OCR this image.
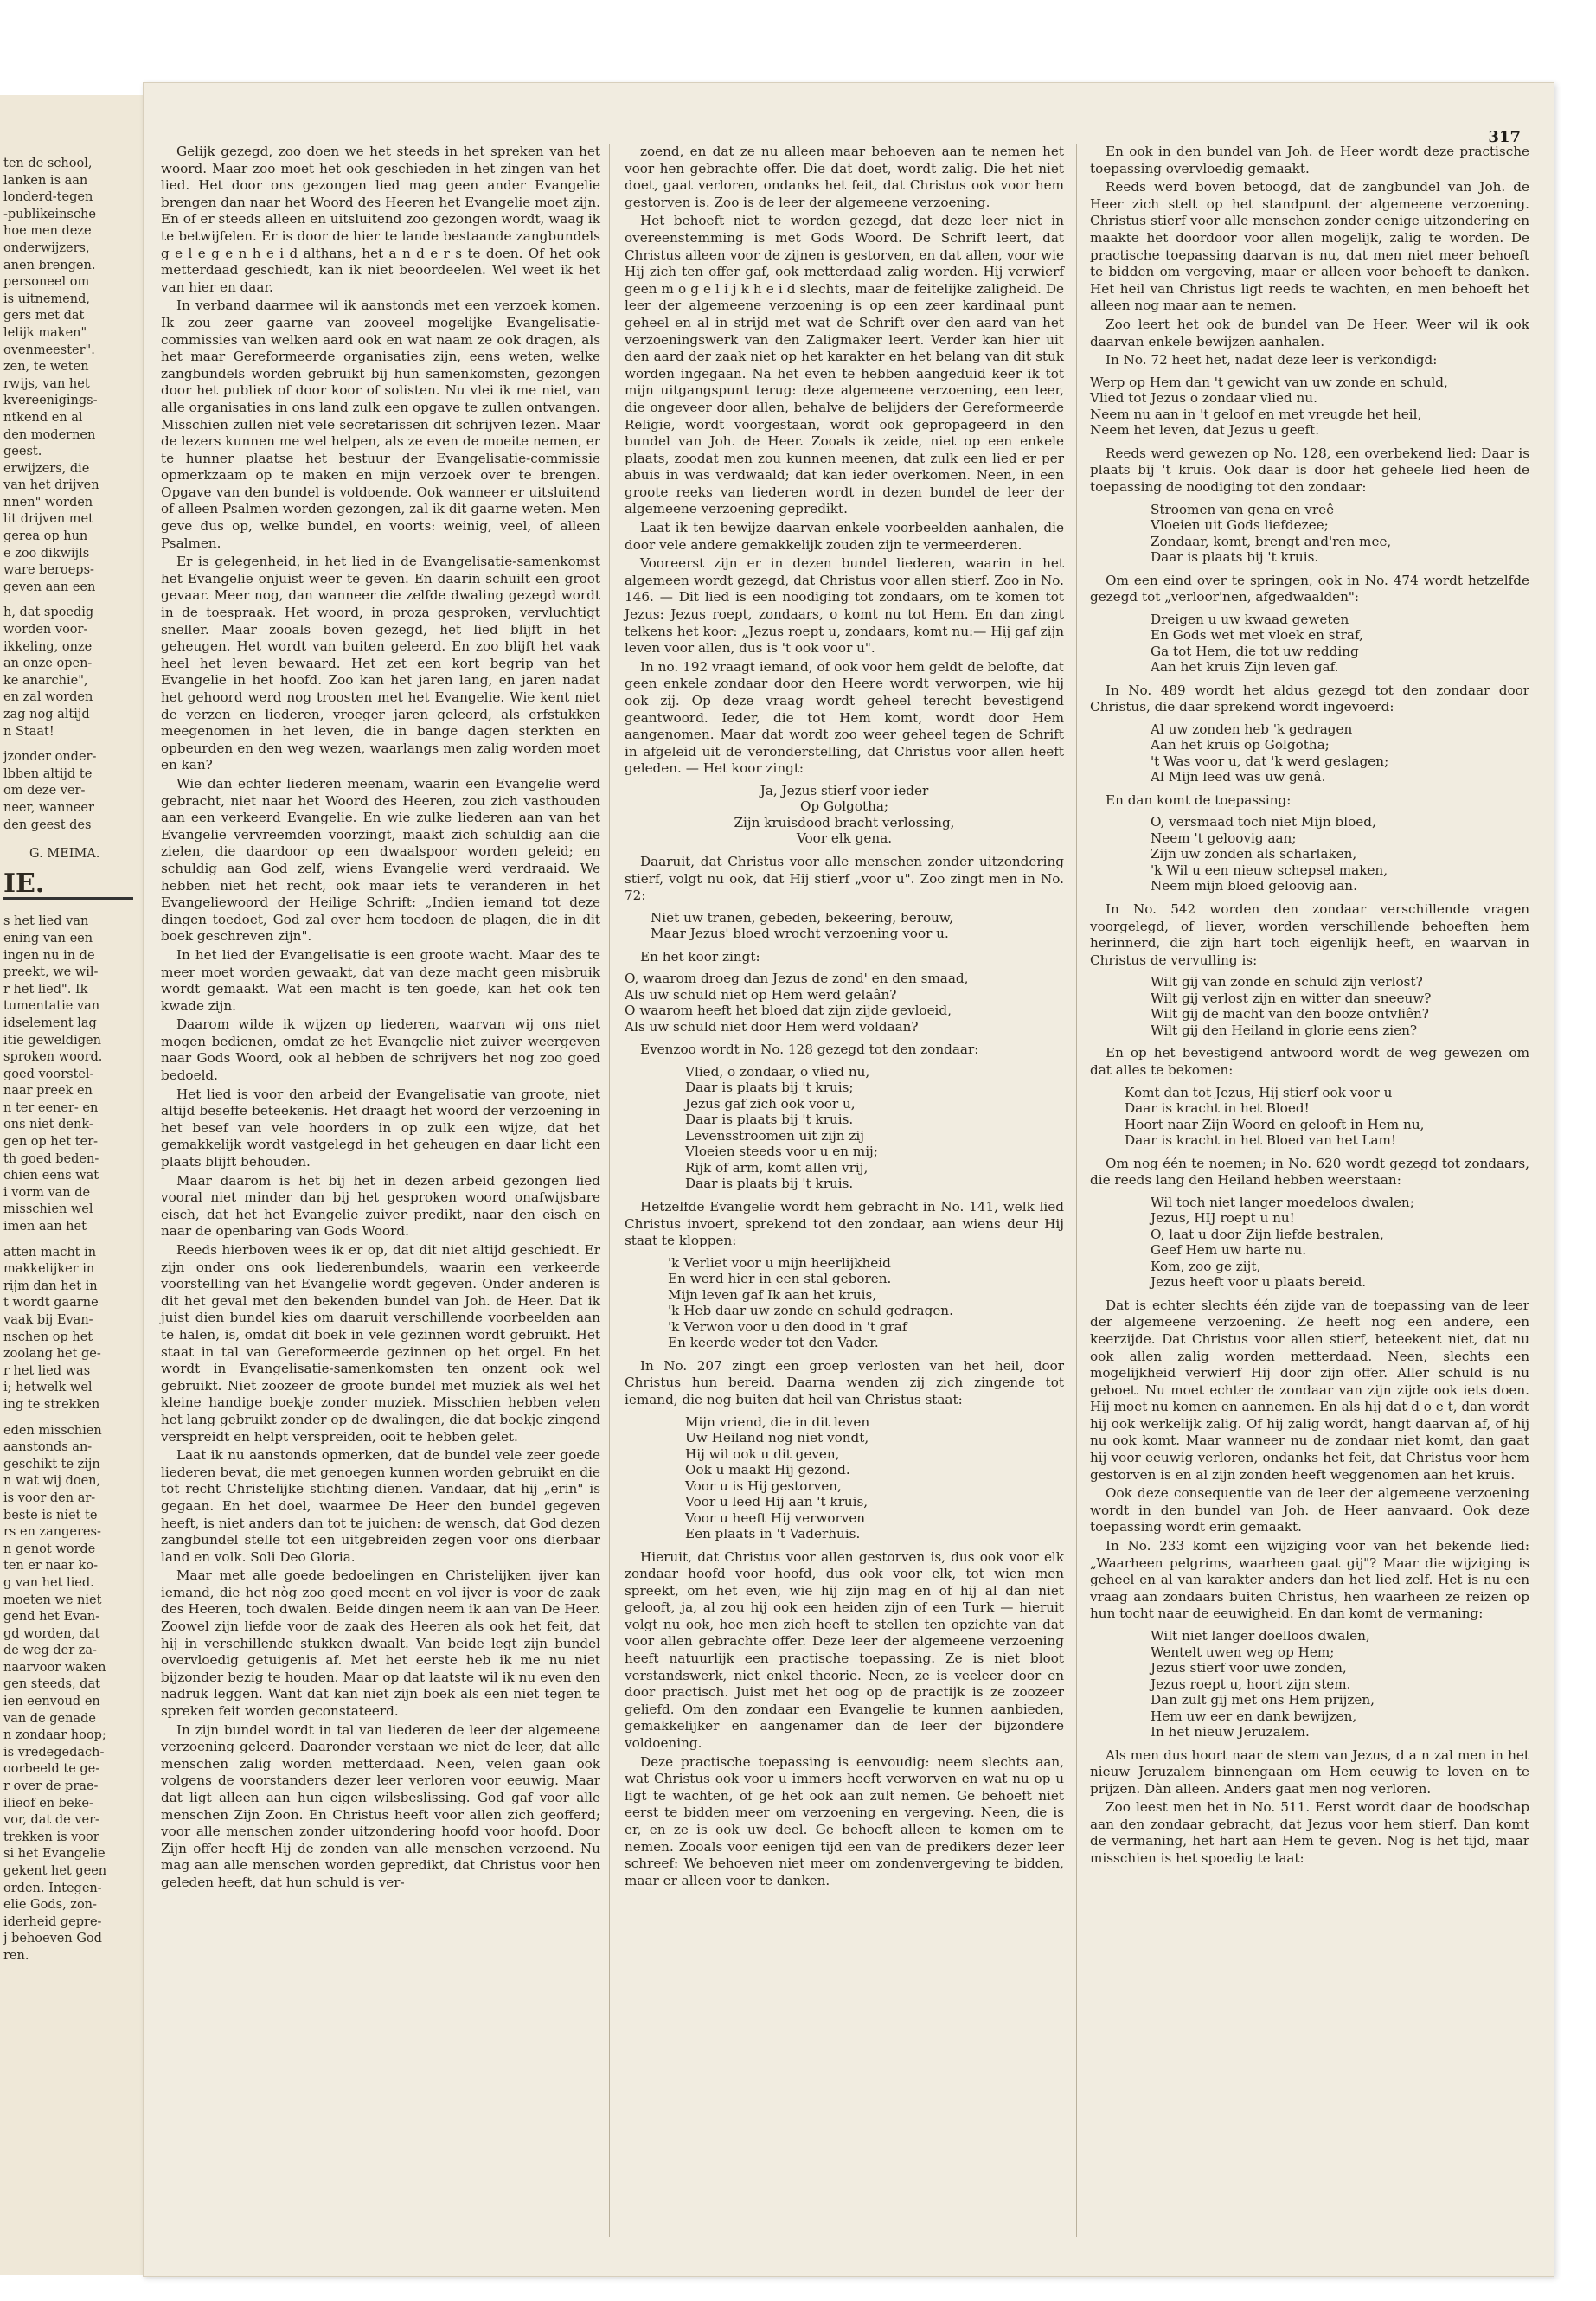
ten de school,
lanken is aan
londerd-tegen
-publikeinsche
hoe men deze
onderwijzers,
anen brengen.
personeel om
is uitnemend,
gers met dat
lelijk maken"
ovenmeester".
zen, te weten
rwijs, van het
kvereenigings-
ntkend en al
den modernen
geest.
erwijzers, die
van het drijven
nnen" worden
lit drijven met
gerea op hun
e zoo dikwijls
ware beroeps-
geven aan een
h, dat spoedig
worden voor-
ikkeling, onze
an onze open-
ke anarchie",
en zal worden
zag nog altijd
n Staat!
jzonder onder-
lbben altijd te
om deze ver-
neer, wanneer
den geest des
G. MEIMA.
IE.
s het lied van
ening van een
ingen nu in de
preekt, we wil-
r het lied". Ik
tumentatie van
idselement lag
itie geweldigen
sproken woord.
goed voorstel-
naar preek en
n ter eener- en
ons niet denk-
gen op het ter-
th goed beden-
chien eens wat
i vorm van de
misschien wel
imen aan het
atten macht in
makkelijker in
rijm dan het in
t wordt gaarne
vaak bij Evan-
nschen op het
zoolang het ge-
r het lied was
i; hetwelk wel
ing te strekken
eden misschien
aanstonds an-
geschikt te zijn
n wat wij doen,
is voor den ar-
beste is niet te
rs en zangeres-
n genot worde
ten er naar ko-
g van het lied.
moeten we niet
gend het Evan-
gd worden, dat
de weg der za-
naarvoor waken
gen steeds, dat
ien eenvoud en
van de genade
n zondaar hoop;
is vredegedach-
oorbeeld te ge-
r over de prae-
ilieof en beke-
vor, dat de ver-
trekken is voor
si het Evangelie
gekent het geen
orden. Integen-
elie Gods, zon-
iderheid gepre-
j behoeven God
ren.
317

Gelijk gezegd, zoo doen we het steeds in het spreken van het woord. Maar zoo moet het ook geschieden in het zingen van het lied. Het door ons gezongen lied mag geen ander Evangelie brengen dan naar het Woord des Heeren het Evangelie moet zijn. En of er steeds alleen en uitsluitend zoo gezongen wordt, waag ik te betwijfelen. Er is door de hier te lande bestaande zangbundels g e l e g e n h e i d althans, het a n d e r s te doen. Of het ook metterdaad geschiedt, kan ik niet beoordeelen. Wel weet ik het van hier en daar.

In verband daarmee wil ik aanstonds met een verzoek komen. Ik zou zeer gaarne van zooveel mogelijke Evangelisatie-commissies van welken aard ook en wat naam ze ook dragen, als het maar Gereformeerde organisaties zijn, eens weten, welke zangbundels worden gebruikt bij hun samenkomsten, gezongen door het publiek of door koor of solisten. Nu vlei ik me niet, van alle organisaties in ons land zulk een opgave te zullen ontvangen. Misschien zullen niet vele secretarissen dit schrijven lezen. Maar de lezers kunnen me wel helpen, als ze even de moeite nemen, er te hunner plaatse het bestuur der Evangelisatie-commissie opmerkzaam op te maken en mijn verzoek over te brengen. Opgave van den bundel is voldoende. Ook wanneer er uitsluitend of alleen Psalmen worden gezongen, zal ik dit gaarne weten. Men geve dus op, welke bundel, en voorts: weinig, veel, of alleen Psalmen.

Er is gelegenheid, in het lied in de Evangelisatie-samenkomst het Evangelie onjuist weer te geven. En daarin schuilt een groot gevaar. Meer nog, dan wanneer die zelfde dwaling gezegd wordt in de toespraak. Het woord, in proza gesproken, vervluchtigt sneller. Maar zooals boven gezegd, het lied blijft in het geheugen. Het wordt van buiten geleerd. En zoo blijft het vaak heel het leven bewaard. Het zet een kort begrip van het Evangelie in het hoofd. Zoo kan het jaren lang, en jaren nadat het gehoord werd nog troosten met het Evangelie. Wie kent niet de verzen en liederen, vroeger jaren geleerd, als erfstukken meegenomen in het leven, die in bange dagen sterkten en opbeurden en den weg wezen, waarlangs men zalig worden moet en kan?

Wie dan echter liederen meenam, waarin een Evangelie werd gebracht, niet naar het Woord des Heeren, zou zich vasthouden aan een verkeerd Evangelie. En wie zulke liederen aan van het Evangelie vervreemden voorzingt, maakt zich schuldig aan die zielen, die daardoor op een dwaalspoor worden geleid; en schuldig aan God zelf, wiens Evangelie werd verdraaid. We hebben niet het recht, ook maar iets te veranderen in het Evangeliewoord der Heilige Schrift: „Indien iemand tot deze dingen toedoet, God zal over hem toedoen de plagen, die in dit boek geschreven zijn".

In het lied der Evangelisatie is een groote wacht. Maar des te meer moet worden gewaakt, dat van deze macht geen misbruik wordt gemaakt. Wat een macht is ten goede, kan het ook ten kwade zijn.

Daarom wilde ik wijzen op liederen, waarvan wij ons niet mogen bedienen, omdat ze het Evangelie niet zuiver weergeven naar Gods Woord, ook al hebben de schrijvers het nog zoo goed bedoeld.

Het lied is voor den arbeid der Evangelisatie van groote, niet altijd beseffe beteekenis. Het draagt het woord der verzoening in het besef van vele hoorders in op zulk een wijze, dat het gemakkelijk wordt vastgelegd in het geheugen en daar licht een plaats blijft behouden.

Maar daarom is het bij het in dezen arbeid gezongen lied vooral niet minder dan bij het gesproken woord onafwijsbare eisch, dat het het Evangelie zuiver predikt, naar den eisch en naar de openbaring van Gods Woord.

Reeds hierboven wees ik er op, dat dit niet altijd geschiedt. Er zijn onder ons ook liederenbundels, waarin een verkeerde voorstelling van het Evangelie wordt gegeven. Onder anderen is dit het geval met den bekenden bundel van Joh. de Heer. Dat ik juist dien bundel kies om daaruit verschillende voorbeelden aan te halen, is, omdat dit boek in vele gezinnen wordt gebruikt. Het staat in tal van Gereformeerde gezinnen op het orgel. En het wordt in Evangelisatie-samenkomsten ten onzent ook wel gebruikt. Niet zoozeer de groote bundel met muziek als wel het kleine handige boekje zonder muziek. Misschien hebben velen het lang gebruikt zonder op de dwalingen, die dat boekje zingend verspreidt en helpt verspreiden, ooit te hebben gelet.

Laat ik nu aanstonds opmerken, dat de bundel vele zeer goede liederen bevat, die met genoegen kunnen worden gebruikt en die tot recht Christelijke stichting dienen. Vandaar, dat hij „erin" is gegaan. En het doel, waarmee De Heer den bundel gegeven heeft, is niet anders dan tot te juichen: de wensch, dat God dezen zangbundel stelle tot een uitgebreiden zegen voor ons dierbaar land en volk. Soli Deo Gloria.

Maar met alle goede bedoelingen en Christelijken ijver kan iemand, die het nòg zoo goed meent en vol ijver is voor de zaak des Heeren, toch dwalen. Beide dingen neem ik aan van De Heer. Zoowel zijn liefde voor de zaak des Heeren als ook het feit, dat hij in verschillende stukken dwaalt. Van beide legt zijn bundel overvloedig getuigenis af. Met het eerste heb ik me nu niet bijzonder bezig te houden. Maar op dat laatste wil ik nu even den nadruk leggen. Want dat kan niet zijn boek als een niet tegen te spreken feit worden geconstateerd.

In zijn bundel wordt in tal van liederen de leer der algemeene verzoening geleerd. Daaronder verstaan we niet de leer, dat alle menschen zalig worden metterdaad. Neen, velen gaan ook volgens de voorstanders dezer leer verloren voor eeuwig. Maar dat ligt alleen aan hun eigen wilsbeslissing. God gaf voor alle menschen Zijn Zoon. En Christus heeft voor allen zich geofferd; voor alle menschen zonder uitzondering hoofd voor hoofd. Door Zijn offer heeft Hij de zonden van alle menschen verzoend. Nu mag aan alle menschen worden gepredikt, dat Christus voor hen geleden heeft, dat hun schuld is ver-

zoend, en dat ze nu alleen maar behoeven aan te nemen het voor hen gebrachte offer. Die dat doet, wordt zalig. Die het niet doet, gaat verloren, ondanks het feit, dat Christus ook voor hem gestorven is. Zoo is de leer der algemeene verzoening.

Het behoeft niet te worden gezegd, dat deze leer niet in overeenstemming is met Gods Woord. De Schrift leert, dat Christus alleen voor de zijnen is gestorven, en dat allen, voor wie Hij zich ten offer gaf, ook metterdaad zalig worden. Hij verwierf geen m o g e l i j k h e i d slechts, maar de feitelijke zaligheid. De leer der algemeene verzoening is op een zeer kardinaal punt geheel en al in strijd met wat de Schrift over den aard van het verzoeningswerk van den Zaligmaker leert. Verder kan hier uit den aard der zaak niet op het karakter en het belang van dit stuk worden ingegaan. Na het even te hebben aangeduid keer ik tot mijn uitgangspunt terug: deze algemeene verzoening, een leer, die ongeveer door allen, behalve de belijders der Gereformeerde Religie, wordt voorgestaan, wordt ook gepropageerd in den bundel van Joh. de Heer. Zooals ik zeide, niet op een enkele plaats, zoodat men zou kunnen meenen, dat zulk een lied er per abuis in was verdwaald; dat kan ieder overkomen. Neen, in een groote reeks van liederen wordt in dezen bundel de leer der algemeene verzoening gepredikt.

Laat ik ten bewijze daarvan enkele voorbeelden aanhalen, die door vele andere gemakkelijk zouden zijn te vermeerderen.

Vooreerst zijn er in dezen bundel liederen, waarin in het algemeen wordt gezegd, dat Christus voor allen stierf. Zoo in No. 146. — Dit lied is een noodiging tot zondaars, om te komen tot Jezus: Jezus roept, zondaars, o komt nu tot Hem. En dan zingt telkens het koor: „Jezus roept u, zondaars, komt nu:— Hij gaf zijn leven voor allen, dus is 't ook voor u".

In no. 192 vraagt iemand, of ook voor hem geldt de belofte, dat geen enkele zondaar door den Heere wordt verworpen, wie hij ook zij. Op deze vraag wordt geheel terecht bevestigend geantwoord. Ieder, die tot Hem komt, wordt door Hem aangenomen. Maar dat wordt zoo weer geheel tegen de Schrift in afgeleid uit de veronderstelling, dat Christus voor allen heeft geleden. — Het koor zingt:

Ja, Jezus stierf voor ieder
Op Golgotha;
Zijn kruisdood bracht verlossing,
Voor elk gena.

Daaruit, dat Christus voor alle menschen zonder uitzondering stierf, volgt nu ook, dat Hij stierf „voor u". Zoo zingt men in No. 72:

Niet uw tranen, gebeden, bekeering, berouw,
Maar Jezus' bloed wrocht verzoening voor u.

En het koor zingt:

O, waarom droeg dan Jezus de zond' en den smaad,
Als uw schuld niet op Hem werd gelaân?
O waarom heeft het bloed dat zijn zijde gevloeid,
Als uw schuld niet door Hem werd voldaan?

Evenzoo wordt in No. 128 gezegd tot den zondaar:

Vlied, o zondaar, o vlied nu,
Daar is plaats bij 't kruis;
Jezus gaf zich ook voor u,
Daar is plaats bij 't kruis.
Levensstroomen uit zijn zij
Vloeien steeds voor u en mij;
Rijk of arm, komt allen vrij,
Daar is plaats bij 't kruis.

Hetzelfde Evangelie wordt hem gebracht in No. 141, welk lied Christus invoert, sprekend tot den zondaar, aan wiens deur Hij staat te kloppen:

'k Verliet voor u mijn heerlijkheid
En werd hier in een stal geboren.
Mijn leven gaf Ik aan het kruis,
'k Heb daar uw zonde en schuld gedragen.
'k Verwon voor u den dood in 't graf
En keerde weder tot den Vader.

In No. 207 zingt een groep verlosten van het heil, door Christus hun bereid. Daarna wenden zij zich zingende tot iemand, die nog buiten dat heil van Christus staat:

Mijn vriend, die in dit leven
Uw Heiland nog niet vondt,
Hij wil ook u dit geven,
Ook u maakt Hij gezond.
Voor u is Hij gestorven,
Voor u leed Hij aan 't kruis,
Voor u heeft Hij verworven
Een plaats in 't Vaderhuis.

Hieruit, dat Christus voor allen gestorven is, dus ook voor elk zondaar hoofd voor hoofd, dus ook voor elk, tot wien men spreekt, om het even, wie hij zijn mag en of hij al dan niet gelooft, ja, al zou hij ook een heiden zijn of een Turk — hieruit volgt nu ook, hoe men zich heeft te stellen ten opzichte van dat voor allen gebrachte offer. Deze leer der algemeene verzoening heeft natuurlijk een practische toepassing. Ze is niet bloot verstandswerk, niet enkel theorie. Neen, ze is veeleer door en door practisch. Juist met het oog op de practijk is ze zoozeer geliefd. Om den zondaar een Evangelie te kunnen aanbieden, gemakkelijker en aangenamer dan de leer der bijzondere voldoening.

Deze practische toepassing is eenvoudig: neem slechts aan, wat Christus ook voor u immers heeft verworven en wat nu op u ligt te wachten, of ge het ook aan zult nemen. Ge behoeft niet eerst te bidden meer om verzoening en vergeving. Neen, die is er, en ze is ook uw deel. Ge behoeft alleen te komen om te nemen. Zooals voor eenigen tijd een van de predikers dezer leer schreef: We behoeven niet meer om zondenvergeving te bidden, maar er alleen voor te danken.

En ook in den bundel van Joh. de Heer wordt deze practische toepassing overvloedig gemaakt.

Reeds werd boven betoogd, dat de zangbundel van Joh. de Heer zich stelt op het standpunt der algemeene verzoening. Christus stierf voor alle menschen zonder eenige uitzondering en maakte het doordoor voor allen mogelijk, zalig te worden. De practische toepassing daarvan is nu, dat men niet meer behoeft te bidden om vergeving, maar er alleen voor behoeft te danken. Het heil van Christus ligt reeds te wachten, en men behoeft het alleen nog maar aan te nemen.

Zoo leert het ook de bundel van De Heer. Weer wil ik ook daarvan enkele bewijzen aanhalen.

In No. 72 heet het, nadat deze leer is verkondigd:

Werp op Hem dan 't gewicht van uw zonde en schuld,
Vlied tot Jezus o zondaar vlied nu.
Neem nu aan in 't geloof en met vreugde het heil,
Neem het leven, dat Jezus u geeft.

Reeds werd gewezen op No. 128, een overbekend lied: Daar is plaats bij 't kruis. Ook daar is door het geheele lied heen de toepassing de noodiging tot den zondaar:

Stroomen van gena en vreê
Vloeien uit Gods liefdezee;
Zondaar, komt, brengt and'ren mee,
Daar is plaats bij 't kruis.

Om een eind over te springen, ook in No. 474 wordt hetzelfde gezegd tot „verloor'nen, afgedwaalden":

Dreigen u uw kwaad geweten
En Gods wet met vloek en straf,
Ga tot Hem, die tot uw redding
Aan het kruis Zijn leven gaf.

In No. 489 wordt het aldus gezegd tot den zondaar door Christus, die daar sprekend wordt ingevoerd:

Al uw zonden heb 'k gedragen
Aan het kruis op Golgotha;
't Was voor u, dat 'k werd geslagen;
Al Mijn leed was uw genâ.

En dan komt de toepassing:

O, versmaad toch niet Mijn bloed,
Neem 't geloovig aan;
Zijn uw zonden als scharlaken,
'k Wil u een nieuw schepsel maken,
Neem mijn bloed geloovig aan.

In No. 542 worden den zondaar verschillende vragen voorgelegd, of liever, worden verschillende behoeften hem herinnerd, die zijn hart toch eigenlijk heeft, en waarvan in Christus de vervulling is:

Wilt gij van zonde en schuld zijn verlost?
Wilt gij verlost zijn en witter dan sneeuw?
Wilt gij de macht van den booze ontvliên?
Wilt gij den Heiland in glorie eens zien?

En op het bevestigend antwoord wordt de weg gewezen om dat alles te bekomen:

Komt dan tot Jezus, Hij stierf ook voor u
Daar is kracht in het Bloed!
Hoort naar Zijn Woord en gelooft in Hem nu,
Daar is kracht in het Bloed van het Lam!

Om nog één te noemen; in No. 620 wordt gezegd tot zondaars, die reeds lang den Heiland hebben weerstaan:

Wil toch niet langer moedeloos dwalen;
Jezus, HIJ roept u nu!
O, laat u door Zijn liefde bestralen,
Geef Hem uw harte nu.
Kom, zoo ge zijt,
Jezus heeft voor u plaats bereid.

Dat is echter slechts één zijde van de toepassing van de leer der algemeene verzoening. Ze heeft nog een andere, een keerzijde. Dat Christus voor allen stierf, beteekent niet, dat nu ook allen zalig worden metterdaad. Neen, slechts een mogelijkheid verwierf Hij door zijn offer. Aller schuld is nu geboet. Nu moet echter de zondaar van zijn zijde ook iets doen. Hij moet nu komen en aannemen. En als hij dat d o e t, dan wordt hij ook werkelijk zalig. Of hij zalig wordt, hangt daarvan af, of hij nu ook komt. Maar wanneer nu de zondaar niet komt, dan gaat hij voor eeuwig verloren, ondanks het feit, dat Christus voor hem gestorven is en al zijn zonden heeft weggenomen aan het kruis.

Ook deze consequentie van de leer der algemeene verzoening wordt in den bundel van Joh. de Heer aanvaard. Ook deze toepassing wordt erin gemaakt.

In No. 233 komt een wijziging voor van het bekende lied: „Waarheen pelgrims, waarheen gaat gij"? Maar die wijziging is geheel en al van karakter anders dan het lied zelf. Het is nu een vraag aan zondaars buiten Christus, hen waarheen ze reizen op hun tocht naar de eeuwigheid. En dan komt de vermaning:

Wilt niet langer doelloos dwalen,
Wentelt uwen weg op Hem;
Jezus stierf voor uwe zonden,
Jezus roept u, hoort zijn stem.
Dan zult gij met ons Hem prijzen,
Hem uw eer en dank bewijzen,
In het nieuw Jeruzalem.

Als men dus hoort naar de stem van Jezus, d a n zal men in het nieuw Jeruzalem binnengaan om Hem eeuwig te loven en te prijzen. Dàn alleen. Anders gaat men nog verloren.

Zoo leest men het in No. 511. Eerst wordt daar de boodschap aan den zondaar gebracht, dat Jezus voor hem stierf. Dan komt de vermaning, het hart aan Hem te geven. Nog is het tijd, maar misschien is het spoedig te laat:
